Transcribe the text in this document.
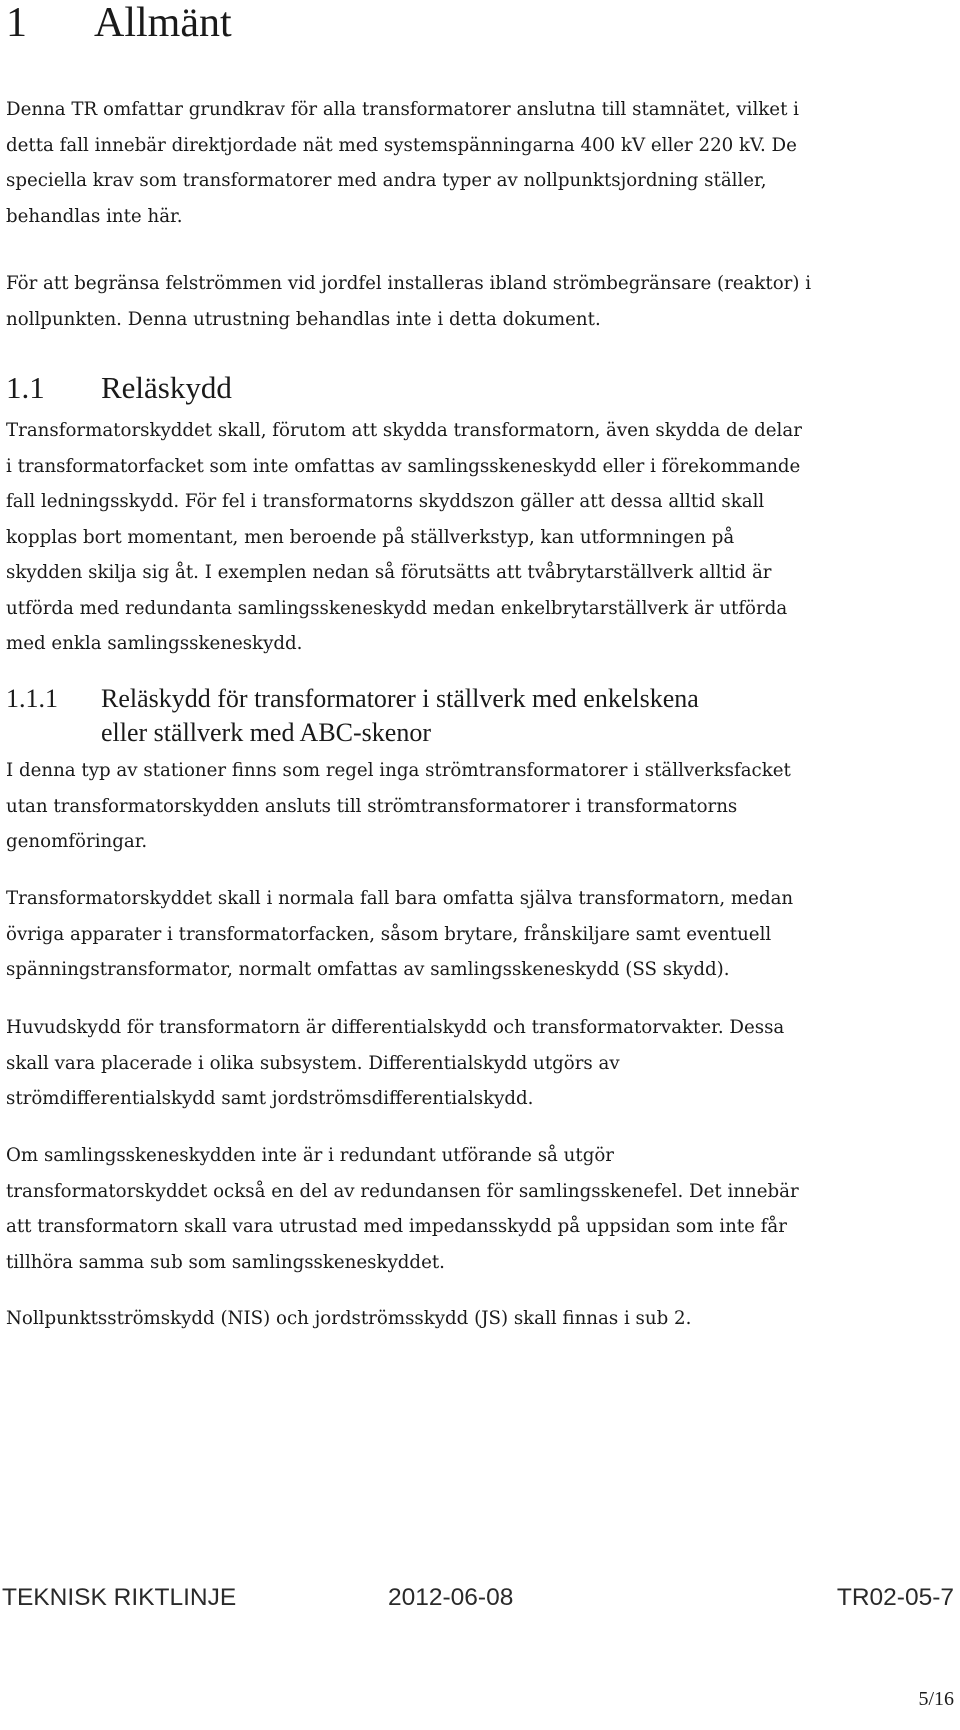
1 Allmänt

Denna TR omfattar grundkrav för alla transformatorer anslutna till stamnätet, vilket i
detta fall innebär direktjordade nät med systemspänningarna 400 kV eller 220 kV. De
speciella krav som transformatorer med andra typer av nollpunktsjordning ställer,
behandlas inte här.

För att begränsa felströmmen vid jordfel installeras ibland strömbegränsare (reaktor) i
nollpunkten. Denna utrustning behandlas inte i detta dokument.

1.1 Reläskydd

Transformatorskyddet skall, förutom att skydda transformatorn, även skydda de delar
i transformatorfacket som inte omfattas av samlingsskeneskydd eller i förekommande
fall ledningsskydd. För fel i transformatorns skyddszon gäller att dessa alltid skall
kopplas bort momentant, men beroende på ställverkstyp, kan utformningen på
skydden skilja sig åt. I exemplen nedan så förutsätts att tvåbrytarställverk alltid är
utförda med redundanta samlingsskeneskydd medan enkelbrytarställverk är utförda
med enkla samlingsskeneskydd.

1.1.1 Reläskydd för transformatorer i ställverk med enkelskena
eller ställverk med ABC-skenor

I denna typ av stationer finns som regel inga strömtransformatorer i ställverksfacket
utan transformatorskydden ansluts till strömtransformatorer i transformatorns
genomföringar.

Transformatorskyddet skall i normala fall bara omfatta själva transformatorn, medan
övriga apparater i transformatorfacken, såsom brytare, frånskiljare samt eventuell
spänningstransformator, normalt omfattas av samlingsskeneskydd (SS skydd).

Huvudskydd för transformatorn är differentialskydd och transformatorvakter. Dessa
skall vara placerade i olika subsystem. Differentialskydd utgörs av
strömdifferentialskydd samt jordströmsdifferentialskydd.

Om samlingsskeneskydden inte är i redundant utförande så utgör
transformatorskyddet också en del av redundansen för samlingsskenefel. Det innebär
att transformatorn skall vara utrustad med impedansskydd på uppsidan som inte får
tillhöra samma sub som samlingsskeneskyddet.

Nollpunktsströmskydd (NIS) och jordströmsskydd (JS) skall finnas i sub 2.

TEKNISK RIKTLINJE	2012-06-08	TR02-05-7
5/16
